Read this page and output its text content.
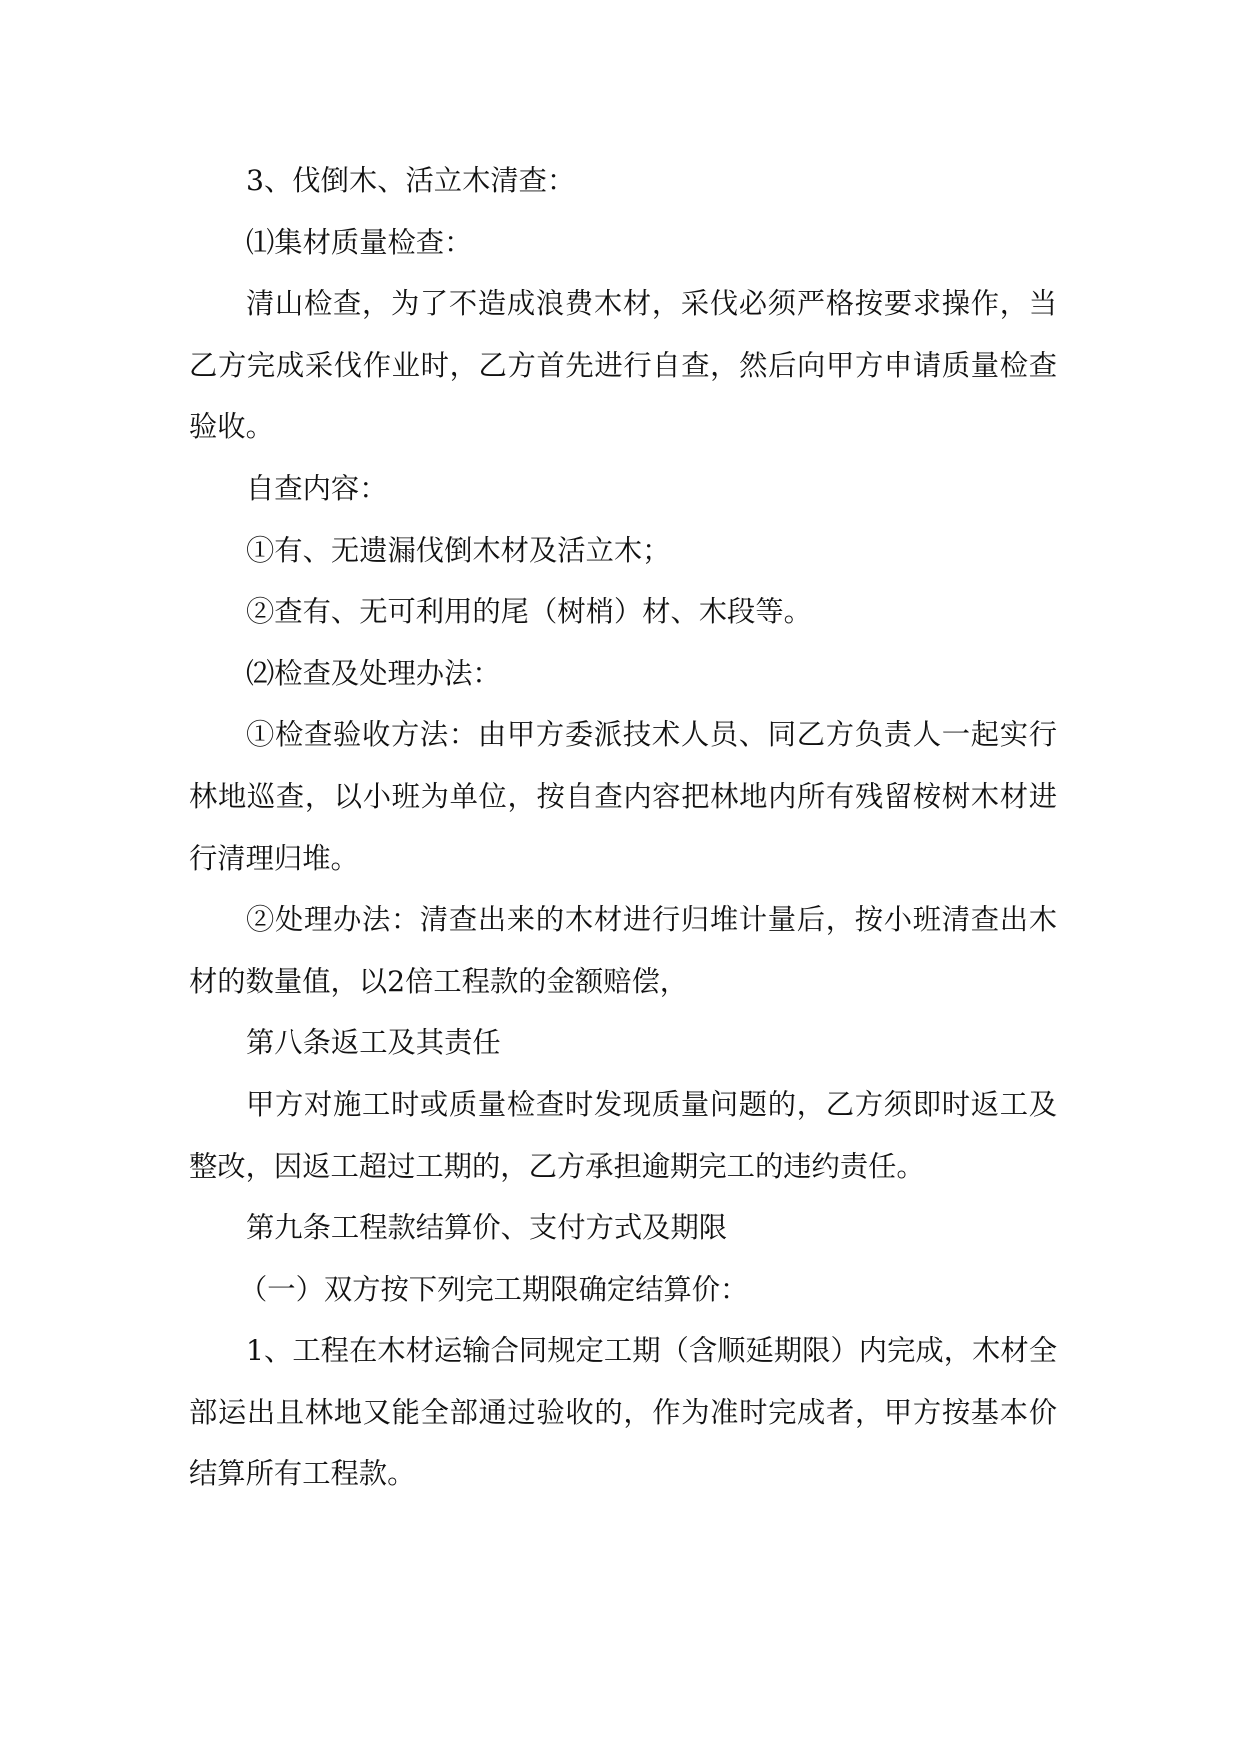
3、伐倒木、活立木清查：

⑴集材质量检查：

清山检查，为了不造成浪费木材，采伐必须严格按要求操作，当乙方完成采伐作业时，乙方首先进行自查，然后向甲方申请质量检查验收。

自查内容：

①有、无遗漏伐倒木材及活立木；

②查有、无可利用的尾（树梢）材、木段等。

⑵检查及处理办法：

①检查验收方法：由甲方委派技术人员、同乙方负责人一起实行林地巡查，以小班为单位，按自查内容把林地内所有残留桉树木材进行清理归堆。

②处理办法：清查出来的木材进行归堆计量后，按小班清查出木材的数量值，以2倍工程款的金额赔偿，

第八条返工及其责任

甲方对施工时或质量检查时发现质量问题的，乙方须即时返工及整改，因返工超过工期的，乙方承担逾期完工的违约责任。

第九条工程款结算价、支付方式及期限

（一）双方按下列完工期限确定结算价：

1、工程在木材运输合同规定工期（含顺延期限）内完成，木材全部运出且林地又能全部通过验收的，作为准时完成者，甲方按基本价结算所有工程款。
